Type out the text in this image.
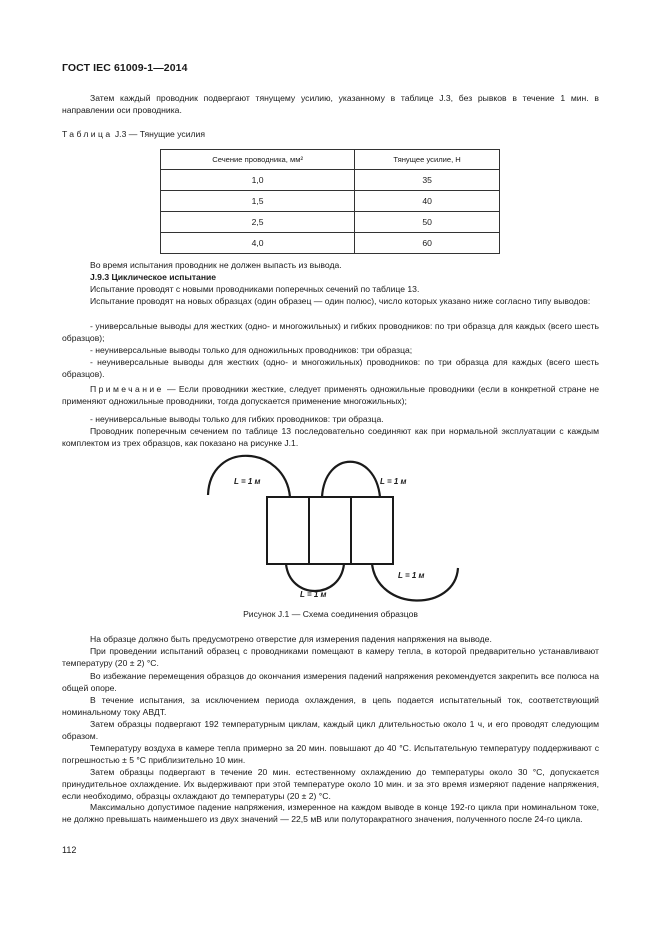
ГОСТ IEC 61009-1—2014

Затем каждый проводник подвергают тянущему усилию, указанному в таблице J.3, без рывков в течение 1 мин. в направлении оси проводника.

Таблица J.3 — Тянущие усилия
Сечение проводника, мм²	Тянущее усилие, Н
1,0	35
1,5	40
2,5	50
4,0	60

Во время испытания проводник не должен выпасть из вывода.

J.9.3 Циклическое испытание

Испытание проводят с новыми проводниками поперечных сечений по таблице 13.

Испытание проводят на новых образцах (один образец — один полюс), число которых указано ниже согласно типу выводов:

- универсальные выводы для жестких (одно- и многожильных) и гибких проводников: по три образца для каждых (всего шесть образцов);

- неуниверсальные выводы только для одножильных проводников: три образца;

- неуниверсальные выводы для жестких (одно- и многожильных) проводников: по три образца для каждых (всего шесть образцов).

Примечание — Если проводники жесткие, следует применять одножильные проводники (если в конкретной стране не применяют одножильные проводники, тогда допускается применение многожильных);

- неуниверсальные выводы только для гибких проводников: три образца.

Проводник поперечным сечением по таблице 13 последовательно соединяют как при нормальной эксплуатации с каждым комплектом из трех образцов, как показано на рисунке J.1.

L = 1 м	L = 1 м
L = 1 м
L = 1 м
Рисунок J.1 — Схема соединения образцов

На образце должно быть предусмотрено отверстие для измерения падения напряжения на выводе.

При проведении испытаний образец с проводниками помещают в камеру тепла, в которой предварительно устанавливают температуру (20 ± 2) °С.

Во избежание перемещения образцов до окончания измерения падений напряжения рекомендуется закрепить все полюса на общей опоре.

В течение испытания, за исключением периода охлаждения, в цепь подается испытательный ток, соответствующий номинальному току АВДТ.

Затем образцы подвергают 192 температурным циклам, каждый цикл длительностью около 1 ч, и его проводят следующим образом.

Температуру воздуха в камере тепла примерно за 20 мин. повышают до 40 °С. Испытательную температуру поддерживают с погрешностью ± 5 °С приблизительно 10 мин.

Затем образцы подвергают в течение 20 мин. естественному охлаждению до температуры около 30 °С, допускается принудительное охлаждение. Их выдерживают при этой температуре около 10 мин. и за это время измеряют падение напряжения, если необходимо, образцы охлаждают до температуры (20 ± 2) °С.

Максимально допустимое падение напряжения, измеренное на каждом выводе в конце 192-го цикла при номинальном токе, не должно превышать наименьшего из двух значений — 22,5 мВ или полуторакратного значения, полученного после 24-го цикла.

112
